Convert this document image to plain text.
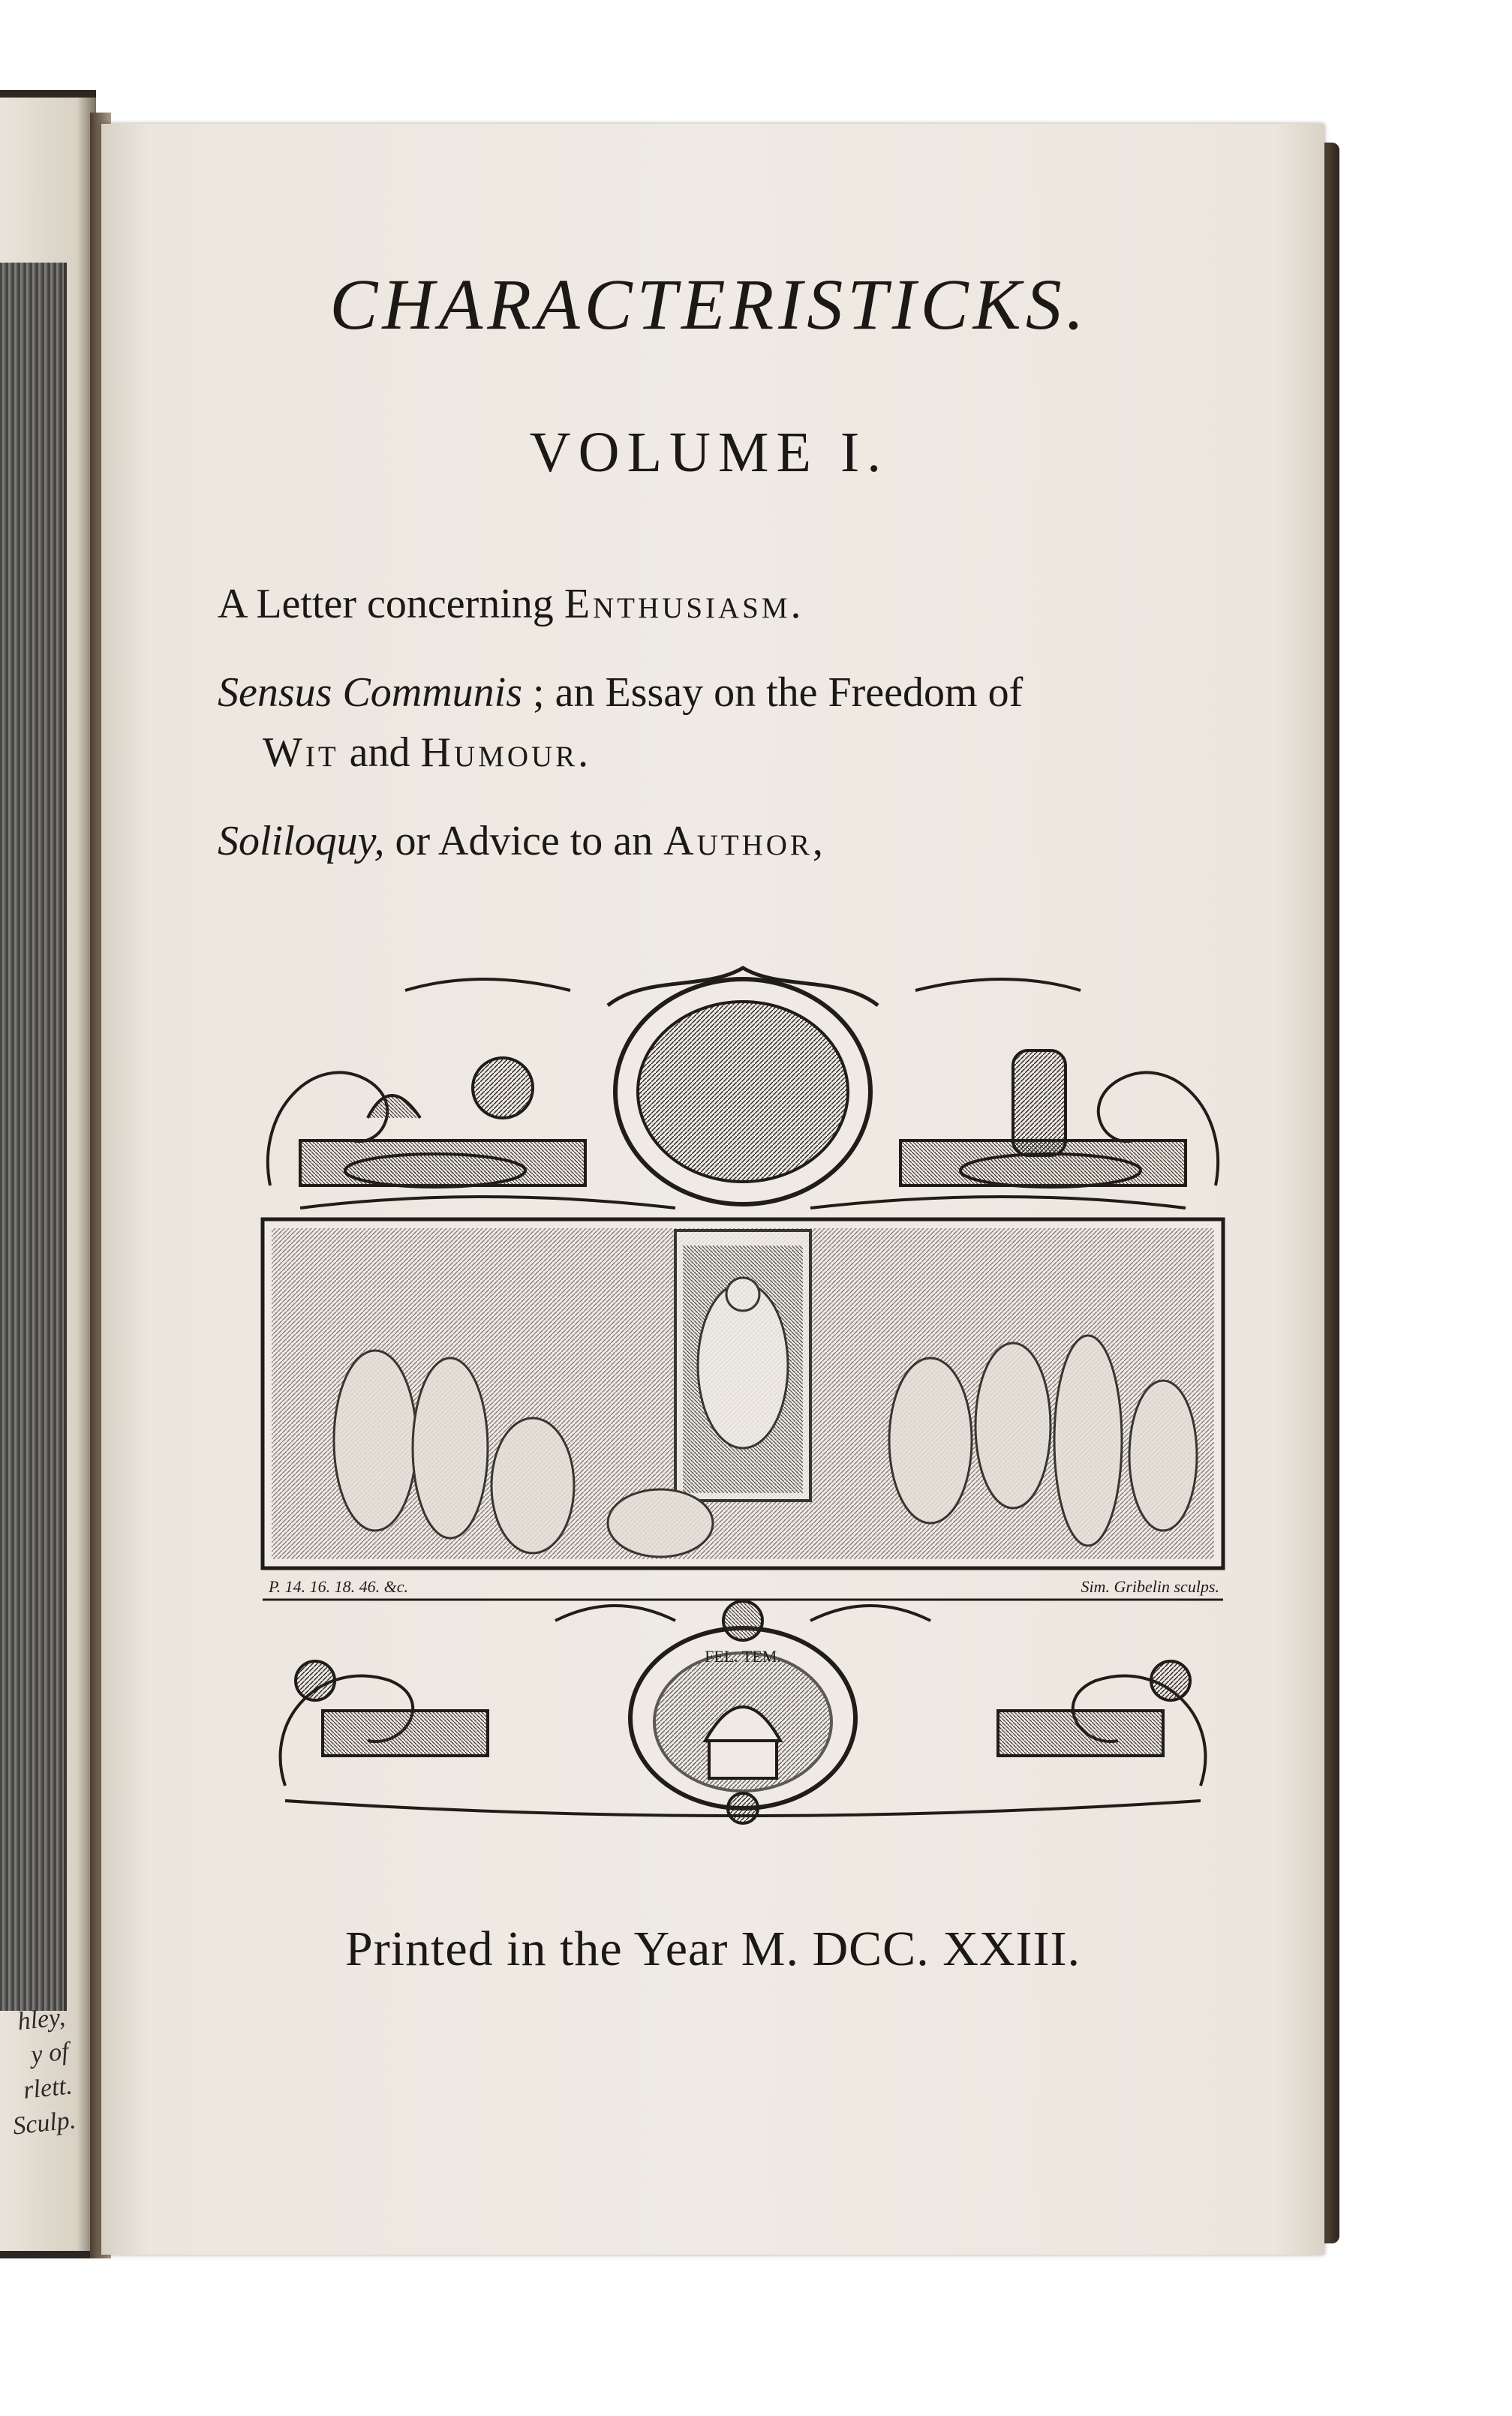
hley,
y of
rlett.
Sculp.
CHARACTERISTICKS.
VOLUME I.
A Letter concerning Enthusiasm.
Sensus Communis ; an Essay on the Freedom of
Wit and Humour.
Soliloquy, or Advice to an Author,
P. 14. 16. 18. 46. &c.	Sim. Gribelin sculps.
FEL. TEM.
Printed in the Year M. DCC. XXIII.
